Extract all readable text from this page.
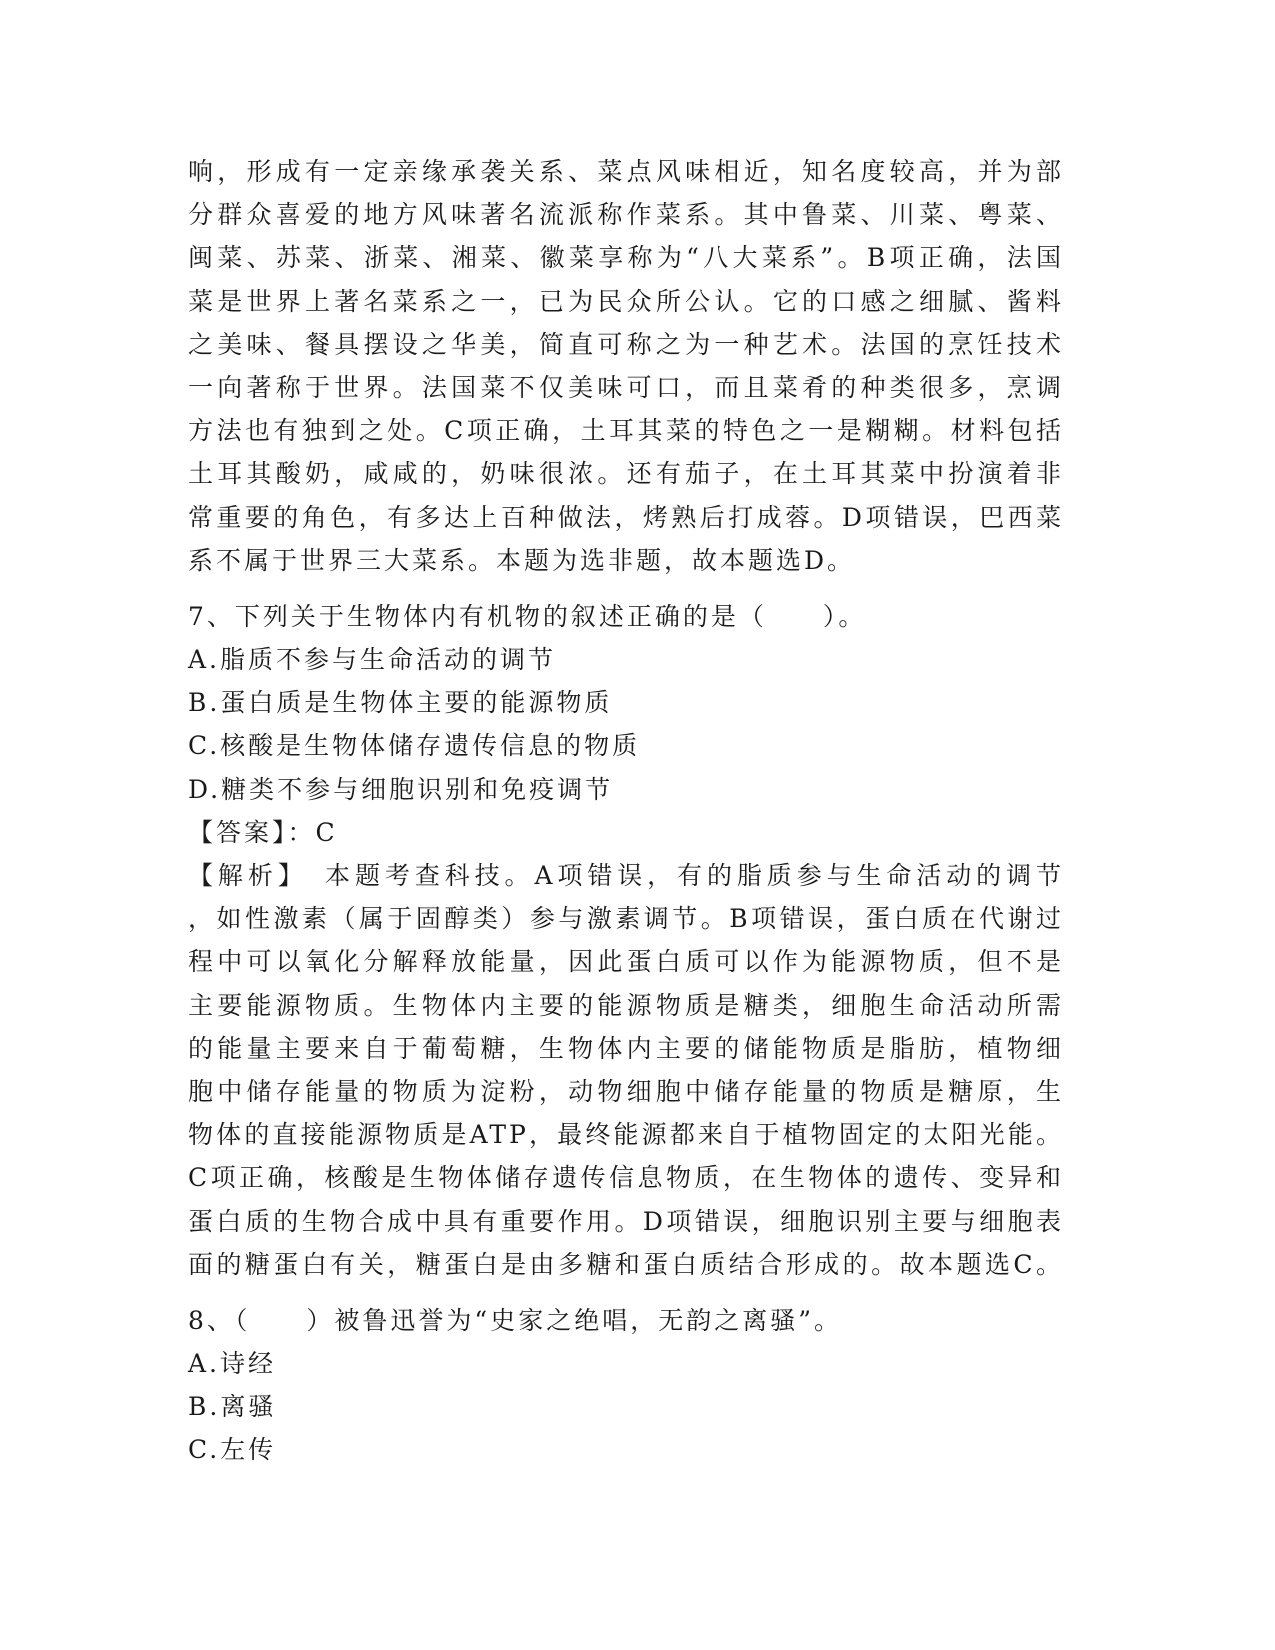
响，形成有一定亲缘承袭关系、菜点风味相近，知名度较高，并为部
分群众喜爱的地方风味著名流派称作菜系。其中鲁菜、川菜、粤菜、
闽菜、苏菜、浙菜、湘菜、徽菜享称为“八大菜系”。B项正确，法国
菜是世界上著名菜系之一，已为民众所公认。它的口感之细腻、酱料
之美味、餐具摆设之华美，简直可称之为一种艺术。法国的烹饪技术
一向著称于世界。法国菜不仅美味可口，而且菜肴的种类很多，烹调
方法也有独到之处。C项正确，土耳其菜的特色之一是糊糊。材料包括
土耳其酸奶，咸咸的，奶味很浓。还有茄子，在土耳其菜中扮演着非
常重要的角色，有多达上百种做法，烤熟后打成蓉。D项错误，巴西菜
系不属于世界三大菜系。本题为选非题，故本题选D。
7、下列关于生物体内有机物的叙述正确的是（　　）。
A.脂质不参与生命活动的调节
B.蛋白质是生物体主要的能源物质
C.核酸是生物体储存遗传信息的物质
D.糖类不参与细胞识别和免疫调节
【答案】：C
【解析】　本题考查科技。A项错误，有的脂质参与生命活动的调节
，如性激素（属于固醇类）参与激素调节。B项错误，蛋白质在代谢过
程中可以氧化分解释放能量，因此蛋白质可以作为能源物质，但不是
主要能源物质。生物体内主要的能源物质是糖类，细胞生命活动所需
的能量主要来自于葡萄糖，生物体内主要的储能物质是脂肪，植物细
胞中储存能量的物质为淀粉，动物细胞中储存能量的物质是糖原，生
物体的直接能源物质是ATP，最终能源都来自于植物固定的太阳光能。
C项正确，核酸是生物体储存遗传信息物质，在生物体的遗传、变异和
蛋白质的生物合成中具有重要作用。D项错误，细胞识别主要与细胞表
面的糖蛋白有关，糖蛋白是由多糖和蛋白质结合形成的。故本题选C。
8、（　　）被鲁迅誉为“史家之绝唱，无韵之离骚”。
A.诗经
B.离骚
C.左传
